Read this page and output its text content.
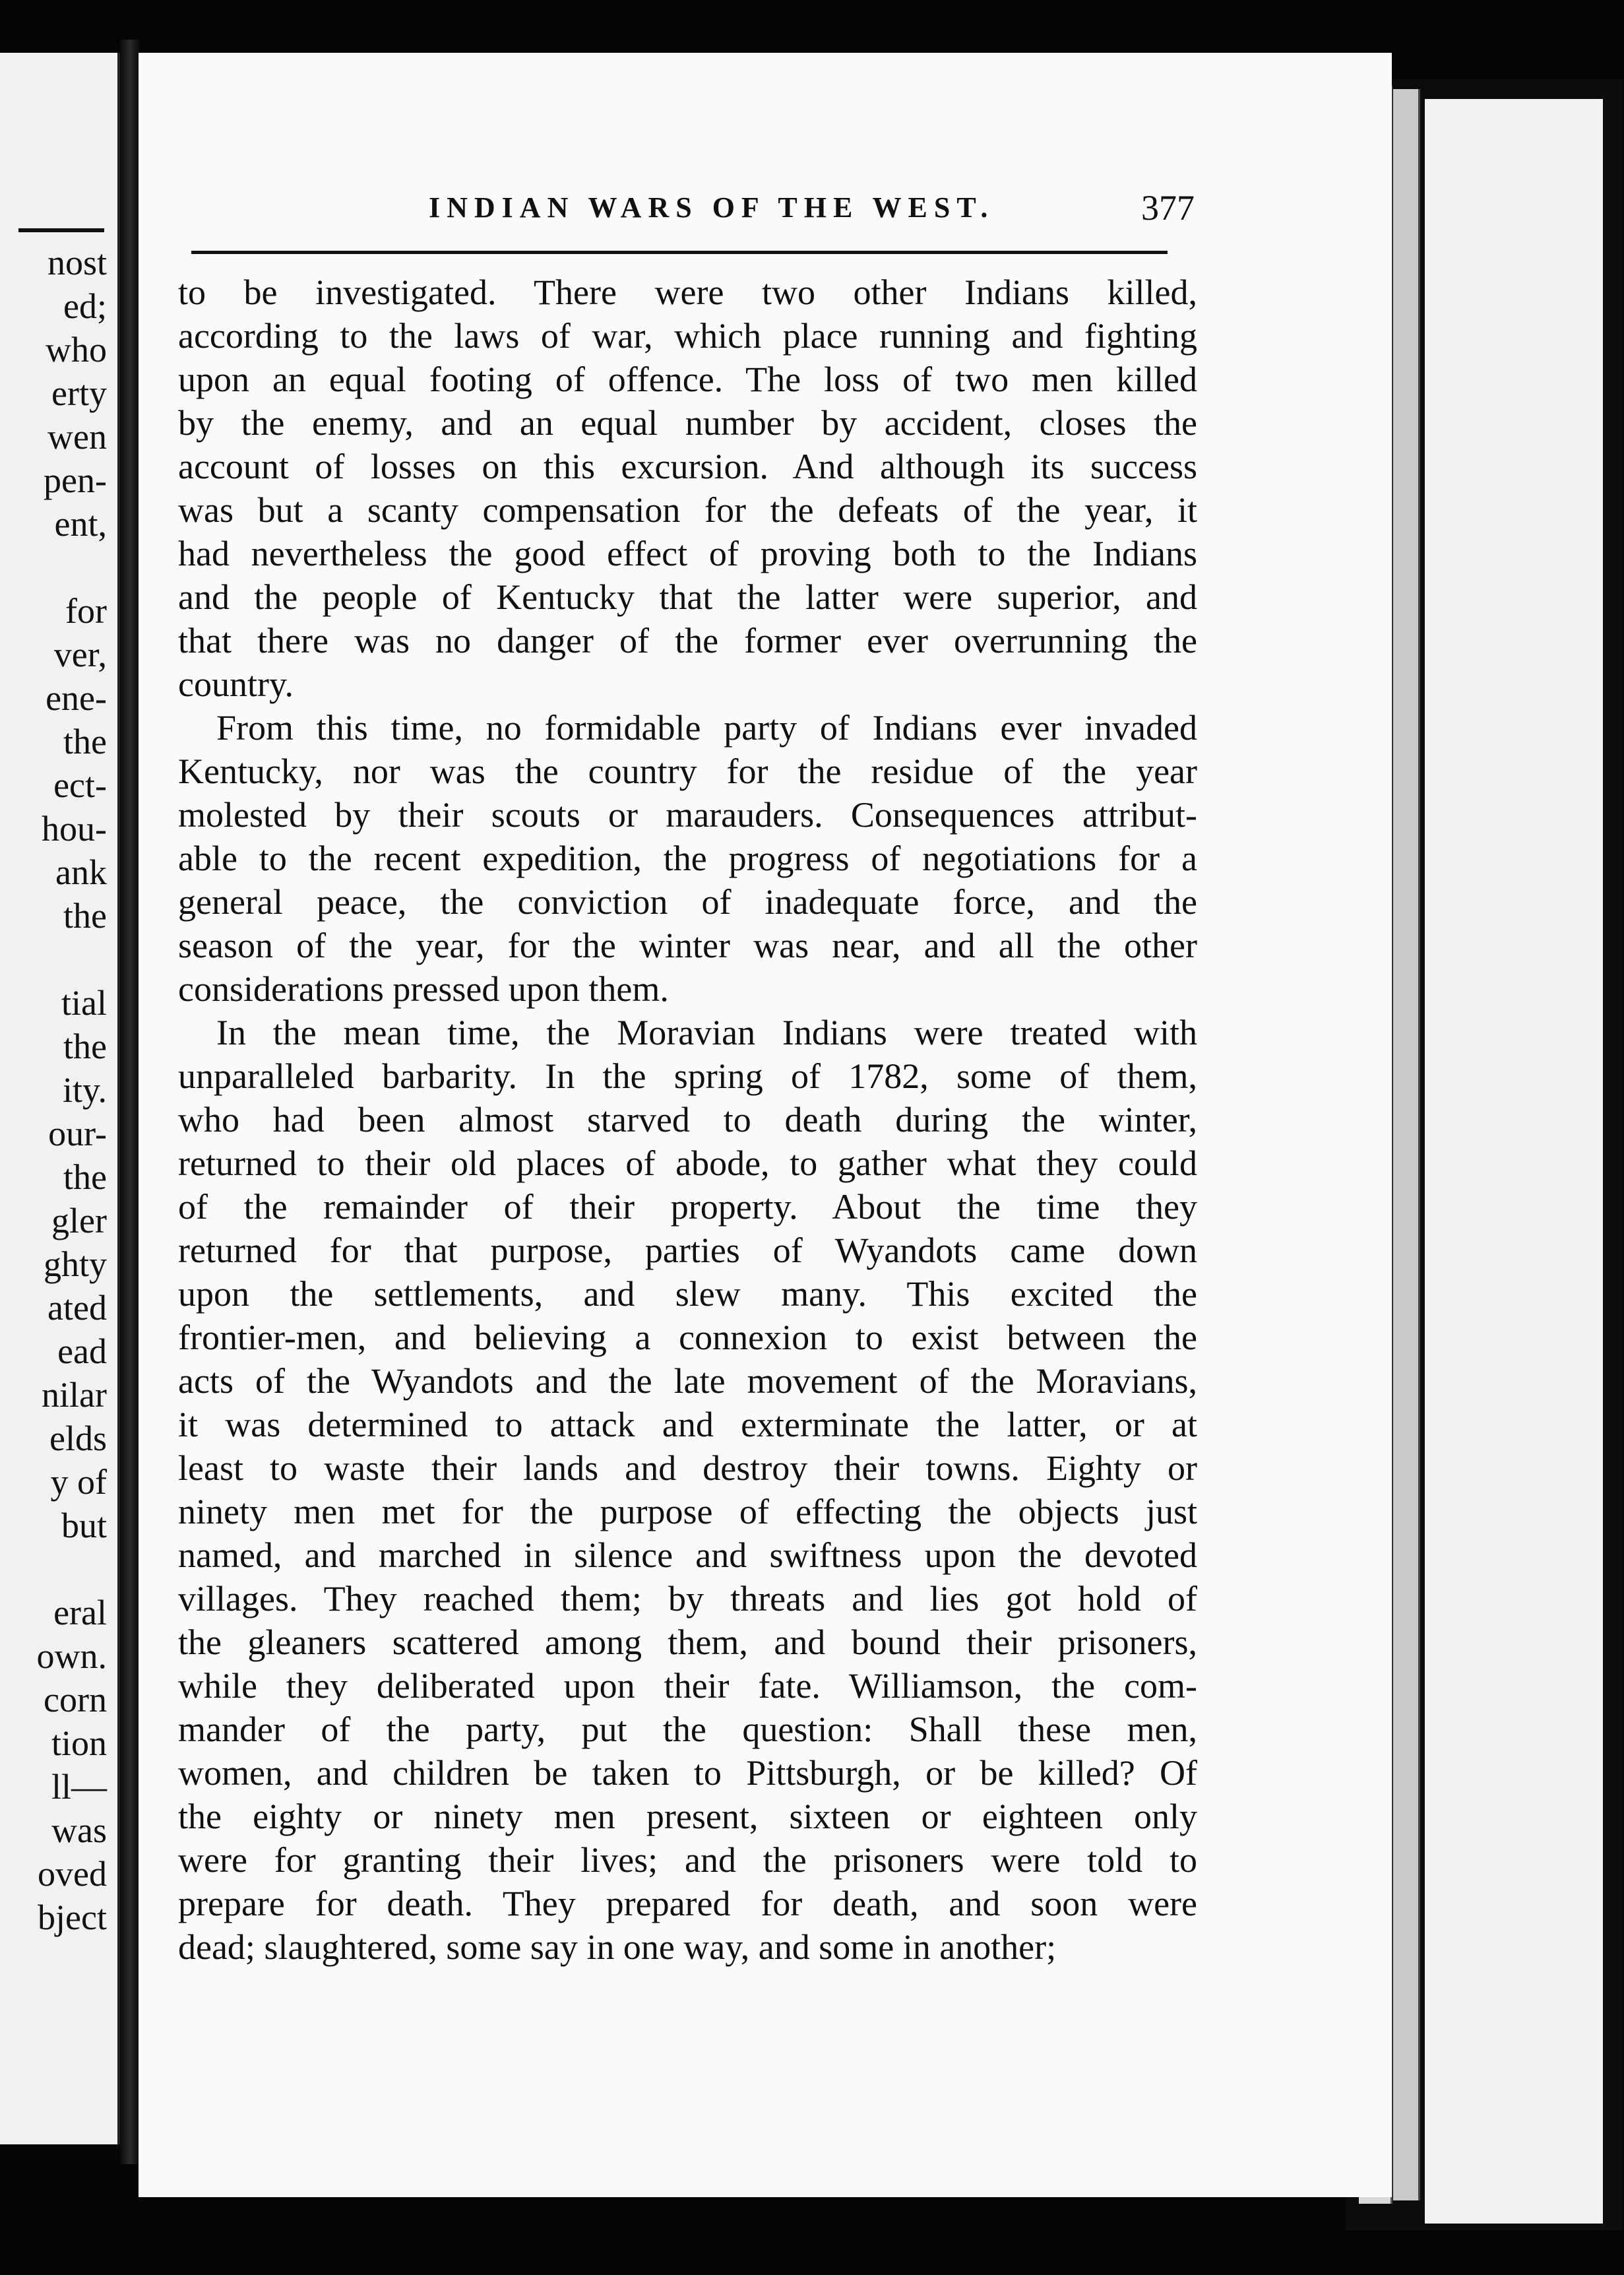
nost
ed;
who
erty
wen
pen-
ent,
for
ver,
ene-
the
ect-
hou-
ank
the
tial
the
ity.
our-
the
gler
ghty
ated
ead
nilar
elds
y of
but
eral
own.
corn
tion
ll—
was
oved
bject
INDIAN WARS OF THE WEST.	377
to be investigated. There were two other Indians killed,
according to the laws of war, which place running and fighting
upon an equal footing of offence. The loss of two men killed
by the enemy, and an equal number by accident, closes the
account of losses on this excursion. And although its success
was but a scanty compensation for the defeats of the year, it
had nevertheless the good effect of proving both to the Indians
and the people of Kentucky that the latter were superior, and
that there was no danger of the former ever overrunning the
country.
From this time, no formidable party of Indians ever invaded
Kentucky, nor was the country for the residue of the year
molested by their scouts or marauders. Consequences attribut-
able to the recent expedition, the progress of negotiations for a
general peace, the conviction of inadequate force, and the
season of the year, for the winter was near, and all the other
considerations pressed upon them.
In the mean time, the Moravian Indians were treated with
unparalleled barbarity. In the spring of 1782, some of them,
who had been almost starved to death during the winter,
returned to their old places of abode, to gather what they could
of the remainder of their property. About the time they
returned for that purpose, parties of Wyandots came down
upon the settlements, and slew many. This excited the
frontier-men, and believing a connexion to exist between the
acts of the Wyandots and the late movement of the Moravians,
it was determined to attack and exterminate the latter, or at
least to waste their lands and destroy their towns. Eighty or
ninety men met for the purpose of effecting the objects just
named, and marched in silence and swiftness upon the devoted
villages. They reached them; by threats and lies got hold of
the gleaners scattered among them, and bound their prisoners,
while they deliberated upon their fate. Williamson, the com-
mander of the party, put the question: Shall these men,
women, and children be taken to Pittsburgh, or be killed? Of
the eighty or ninety men present, sixteen or eighteen only
were for granting their lives; and the prisoners were told to
prepare for death. They prepared for death, and soon were
dead; slaughtered, some say in one way, and some in another;
